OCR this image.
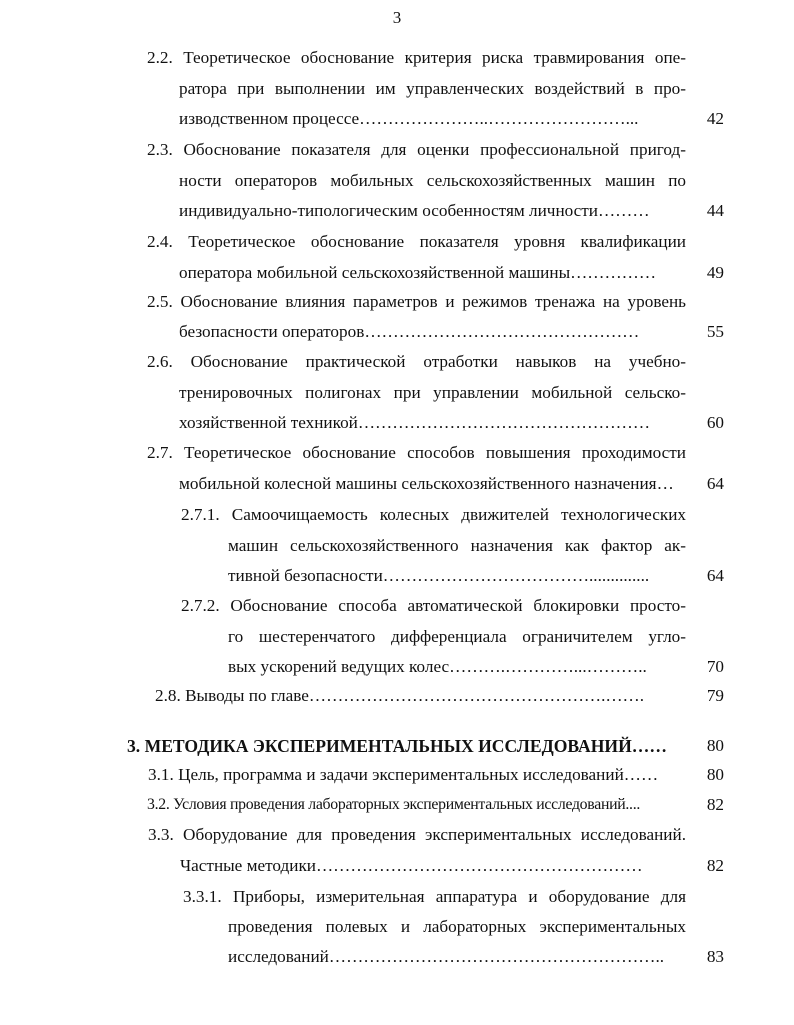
3
2.2. Теоретическое обоснование критерия риска травмирования опе-
ратора при выполнении им управленческих воздействий в про-
изводственном процессе…………………..……………………...	42
2.3. Обоснование показателя для оценки профессиональной пригод-
ности операторов мобильных сельскохозяйственных машин по
индивидуально-типологическим особенностям личности………	44
2.4. Теоретическое обоснование показателя уровня квалификации
оператора мобильной сельскохозяйственной машины……………	49
2.5. Обоснование влияния параметров и режимов тренажа на уровень
безопасности операторов…………………………………………	55
2.6. Обоснование практической отработки навыков на учебно-
тренировочных полигонах при управлении мобильной сельско-
хозяйственной техникой……………………………………………	60
2.7. Теоретическое обоснование способов повышения проходимости
мобильной колесной машины сельскохозяйственного назначения… 64
2.7.1. Самоочищаемость колесных движителей технологических
машин сельскохозяйственного назначения как фактор ак-
тивной безопасности………………………………..............	64
2.7.2. Обоснование способа автоматической блокировки просто-
го шестеренчатого дифференциала ограничителем угло-
вых ускорений ведущих колес……….…………...………..	70
2.8. Выводы по главе…………………………………………….…….	79
3. МЕТОДИКА ЭКСПЕРИМЕНТАЛЬНЫХ ИССЛЕДОВАНИЙ…… 80
3.1. Цель, программа и задачи экспериментальных исследований……	80
3.2. Условия проведения лабораторных экспериментальных исследований....	82
3.3. Оборудование для проведения экспериментальных исследований.
Частные методики…………………………………………………	82
3.3.1. Приборы, измерительная аппаратура и оборудование для
проведения полевых и лабораторных экспериментальных
исследований………………………………………………….. 83
